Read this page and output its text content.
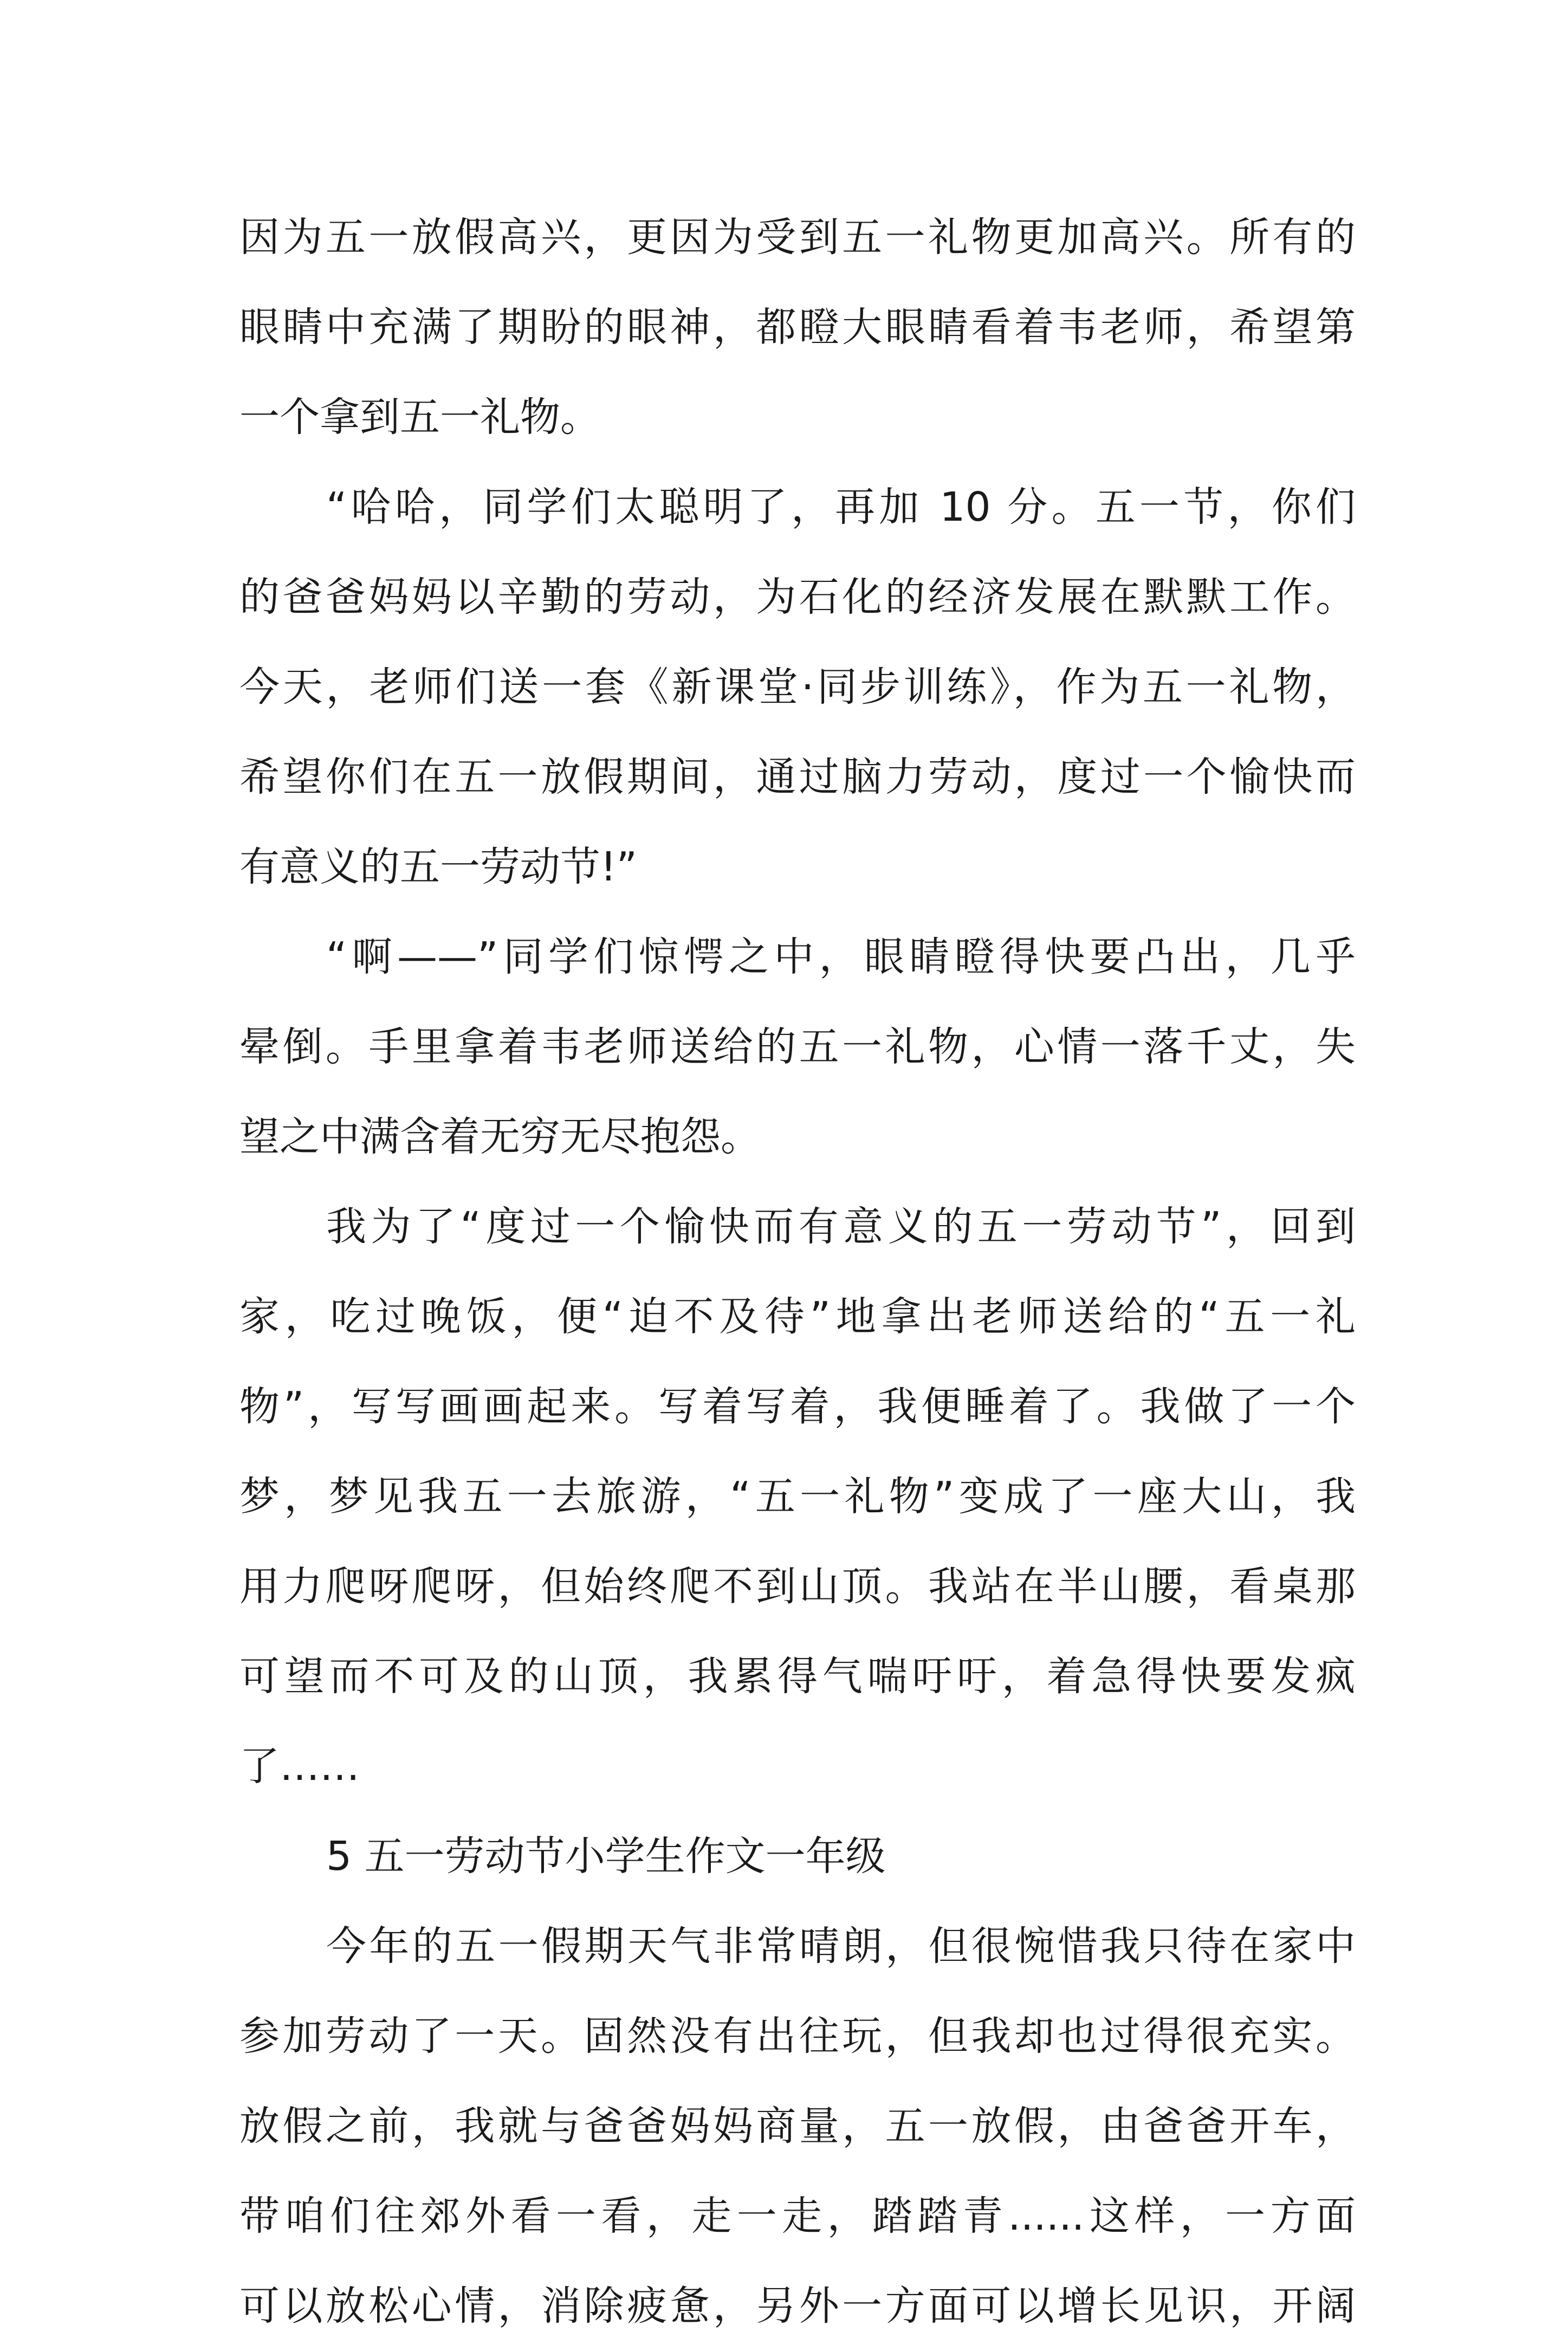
因为五一放假高兴，更因为受到五一礼物更加高兴。所有的
眼睛中充满了期盼的眼神，都瞪大眼睛看着韦老师，希望第
一个拿到五一礼物。
“哈哈，同学们太聪明了，再加 10 分。五一节，你们
的爸爸妈妈以辛勤的劳动，为石化的经济发展在默默工作。
今天，老师们送一套《新课堂·同步训练》，作为五一礼物，
希望你们在五一放假期间，通过脑力劳动，度过一个愉快而
有意义的五一劳动节!”
“啊——”同学们惊愕之中，眼睛瞪得快要凸出，几乎
晕倒。手里拿着韦老师送给的五一礼物，心情一落千丈，失
望之中满含着无穷无尽抱怨。
我为了“度过一个愉快而有意义的五一劳动节”，回到
家，吃过晚饭，便“迫不及待”地拿出老师送给的“五一礼
物”，写写画画起来。写着写着，我便睡着了。我做了一个
梦，梦见我五一去旅游，“五一礼物”变成了一座大山，我
用力爬呀爬呀，但始终爬不到山顶。我站在半山腰，看桌那
可望而不可及的山顶，我累得气喘吁吁，着急得快要发疯
了……
5 五一劳动节小学生作文一年级
今年的五一假期天气非常晴朗，但很惋惜我只待在家中
参加劳动了一天。固然没有出往玩，但我却也过得很充实。
放假之前，我就与爸爸妈妈商量，五一放假，由爸爸开车，
带咱们往郊外看一看，走一走，踏踏青......这样，一方面
可以放松心情，消除疲惫，另外一方面可以增长见识，开阔
